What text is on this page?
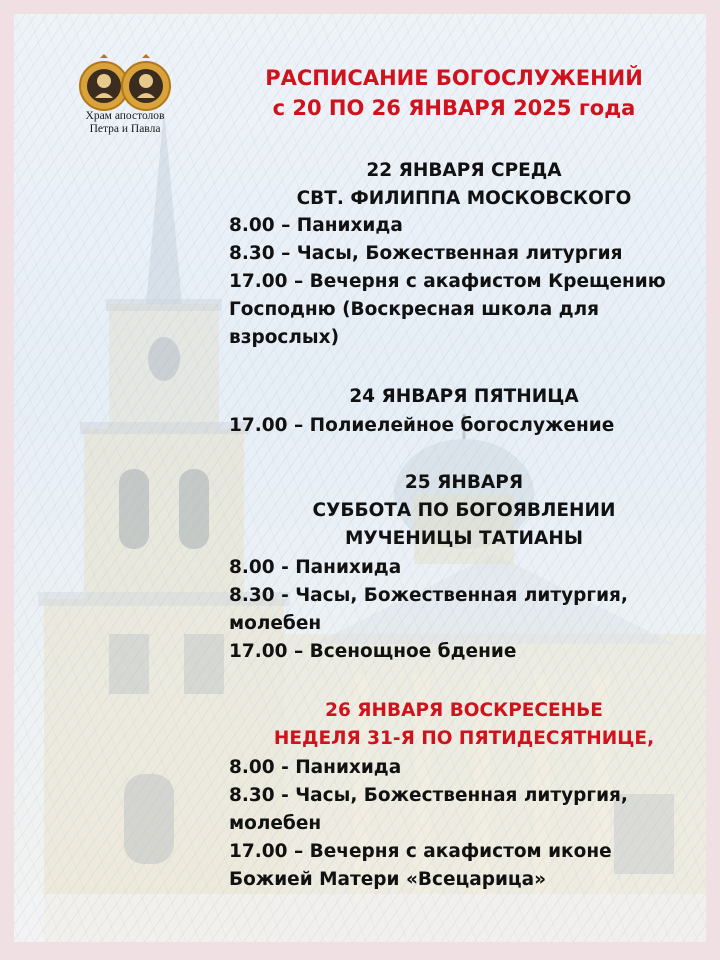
Храм апостолов
Петра и Павла
РАСПИСАНИЕ БОГОСЛУЖЕНИЙ
с 20 ПО 26 ЯНВАРЯ 2025 года
22 ЯНВАРЯ СРЕДА
СВТ. ФИЛИППА МОСКОВСКОГО
8.00 – Панихида
8.30 – Часы, Божественная литургия
17.00 – Вечерня с акафистом Крещению
Господню (Воскресная школа для
взрослых)
24 ЯНВАРЯ ПЯТНИЦА
17.00 – Полиелейное богослужение
25 ЯНВАРЯ
СУББОТА ПО БОГОЯВЛЕНИИ
МУЧЕНИЦЫ ТАТИАНЫ
8.00 - Панихида
8.30 - Часы, Божественная литургия,
молебен
17.00 – Всенощное бдение
26 ЯНВАРЯ ВОСКРЕСЕНЬЕ
НЕДЕЛЯ 31-Я ПО ПЯТИДЕСЯТНИЦЕ,
8.00 - Панихида
8.30 - Часы, Божественная литургия,
молебен
17.00 – Вечерня с акафистом иконе
Божией Матери «Всецарица»
